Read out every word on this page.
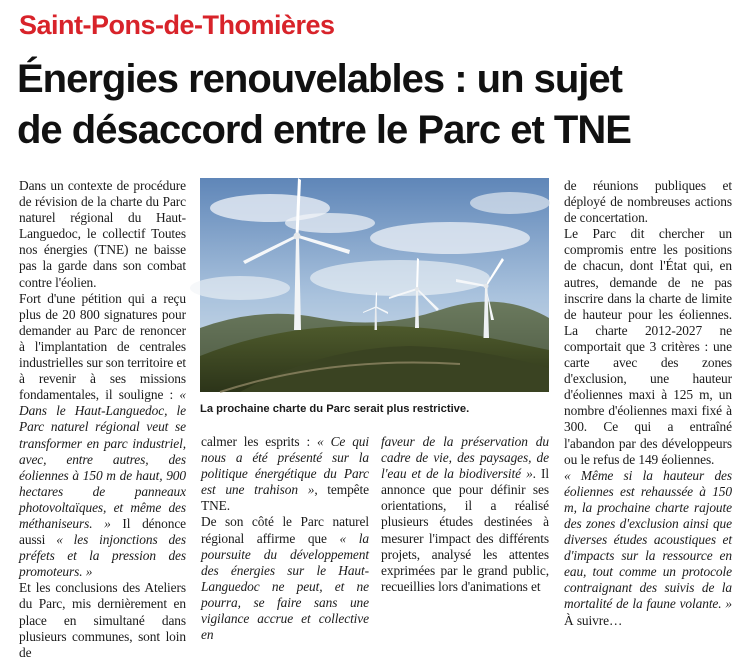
Saint-Pons-de-Thomières
Énergies renouvelables : un sujet
de désaccord entre le Parc et TNE

Dans un contexte de procédure de révision de la charte du Parc naturel régional du Haut-Languedoc, le collectif Toutes nos énergies (TNE) ne baisse pas la garde dans son combat contre l'éolien.

Fort d'une pétition qui a reçu plus de 20 800 signatures pour demander au Parc de renoncer à l'implantation de centrales industrielles sur son territoire et à revenir à ses missions fondamentales, il souligne : « Dans le Haut-Languedoc, le Parc naturel régional veut se transformer en parc industriel, avec, entre autres, des éoliennes à 150 m de haut, 900 hectares de panneaux photovoltaïques, et même des méthaniseurs. » Il dénonce aussi « les injonctions des préfets et la pression des promoteurs. »

Et les conclusions des Ateliers du Parc, mis dernièrement en place en simultané dans plusieurs communes, sont loin de

La prochaine charte du Parc serait plus restrictive.

calmer les esprits : « Ce qui nous a été présenté sur la politique énergétique du Parc est une trahison », tempête TNE.

De son côté le Parc naturel régional affirme que « la poursuite du développement des énergies sur le Haut-Languedoc ne peut, et ne pourra, se faire sans une vigilance accrue et collective en

faveur de la préservation du cadre de vie, des paysages, de l'eau et de la biodiversité ». Il annonce que pour définir ses orientations, il a réalisé plusieurs études destinées à mesurer l'impact des différents projets, analysé les attentes exprimées par le grand public, recueillies lors d'animations et

de réunions publiques et déployé de nombreuses actions de concertation.

Le Parc dit chercher un compromis entre les positions de chacun, dont l'État qui, en autres, demande de ne pas inscrire dans la charte de limite de hauteur pour les éoliennes. La charte 2012-2027 ne comportait que 3 critères : une carte avec des zones d'exclusion, une hauteur d'éoliennes maxi à 125 m, un nombre d'éoliennes maxi fixé à 300. Ce qui a entraîné l'abandon par des développeurs ou le refus de 149 éoliennes.

« Même si la hauteur des éoliennes est rehaussée à 150 m, la prochaine charte rajoute des zones d'exclusion ainsi que diverses études acoustiques et d'impacts sur la ressource en eau, tout comme un protocole contraignant des suivis de la mortalité de la faune volante. » À suivre…
